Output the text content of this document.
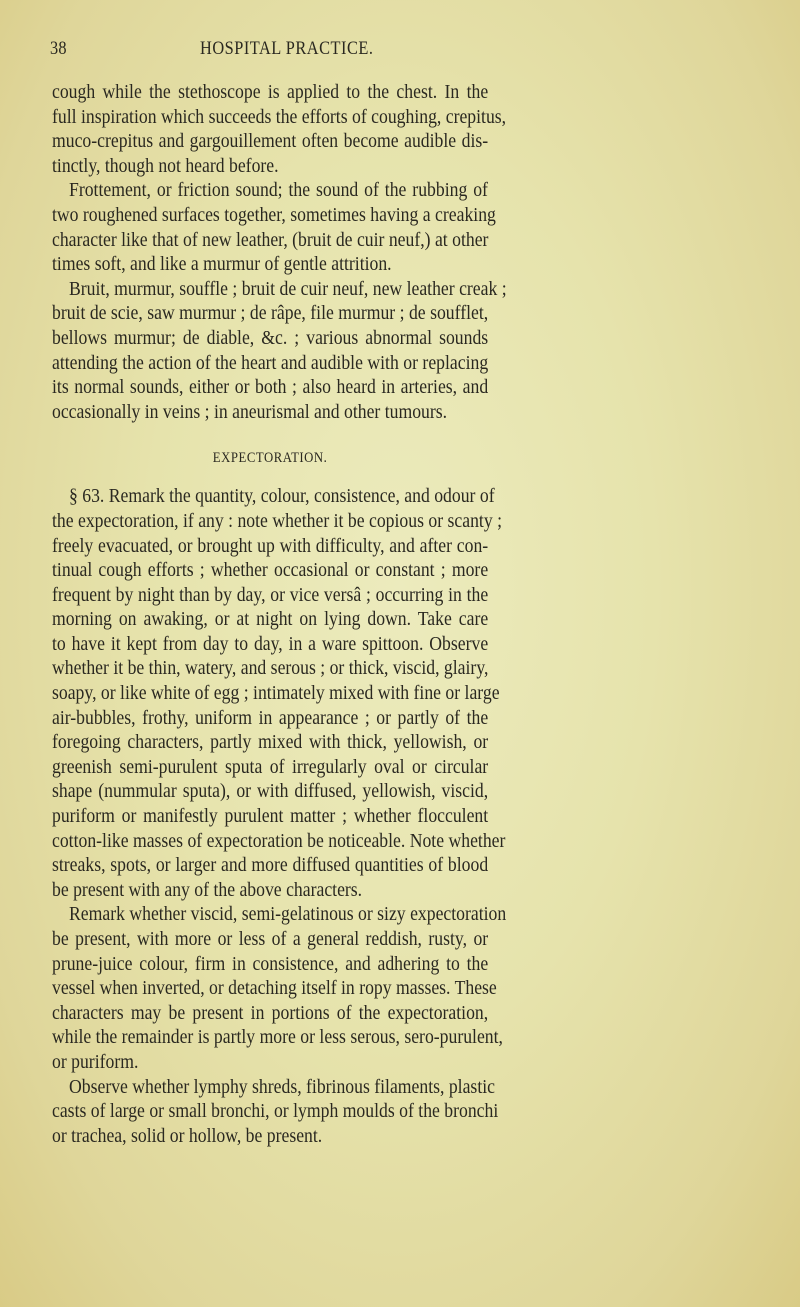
38	HOSPITAL PRACTICE.
cough while the stethoscope is applied to the chest. In the
full inspiration which succeeds the efforts of coughing, crepitus,
muco-crepitus and gargouillement often become audible dis-
tinctly, though not heard before.
Frottement, or friction sound; the sound of the rubbing of
two roughened surfaces together, sometimes having a creaking
character like that of new leather, (bruit de cuir neuf,) at other
times soft, and like a murmur of gentle attrition.
Bruit, murmur, souffle ; bruit de cuir neuf, new leather creak ;
bruit de scie, saw murmur ; de râpe, file murmur ; de soufflet,
bellows murmur; de diable, &c. ; various abnormal sounds
attending the action of the heart and audible with or replacing
its normal sounds, either or both ; also heard in arteries, and
occasionally in veins ; in aneurismal and other tumours.
EXPECTORATION.
§ 63. Remark the quantity, colour, consistence, and odour of
the expectoration, if any : note whether it be copious or scanty ;
freely evacuated, or brought up with difficulty, and after con-
tinual cough efforts ; whether occasional or constant ; more
frequent by night than by day, or vice versâ ; occurring in the
morning on awaking, or at night on lying down. Take care
to have it kept from day to day, in a ware spittoon. Observe
whether it be thin, watery, and serous ; or thick, viscid, glairy,
soapy, or like white of egg ; intimately mixed with fine or large
air-bubbles, frothy, uniform in appearance ; or partly of the
foregoing characters, partly mixed with thick, yellowish, or
greenish semi-purulent sputa of irregularly oval or circular
shape (nummular sputa), or with diffused, yellowish, viscid,
puriform or manifestly purulent matter ; whether flocculent
cotton-like masses of expectoration be noticeable. Note whether
streaks, spots, or larger and more diffused quantities of blood
be present with any of the above characters.
Remark whether viscid, semi-gelatinous or sizy expectoration
be present, with more or less of a general reddish, rusty, or
prune-juice colour, firm in consistence, and adhering to the
vessel when inverted, or detaching itself in ropy masses. These
characters may be present in portions of the expectoration,
while the remainder is partly more or less serous, sero-purulent,
or puriform.
Observe whether lymphy shreds, fibrinous filaments, plastic
casts of large or small bronchi, or lymph moulds of the bronchi
or trachea, solid or hollow, be present.
